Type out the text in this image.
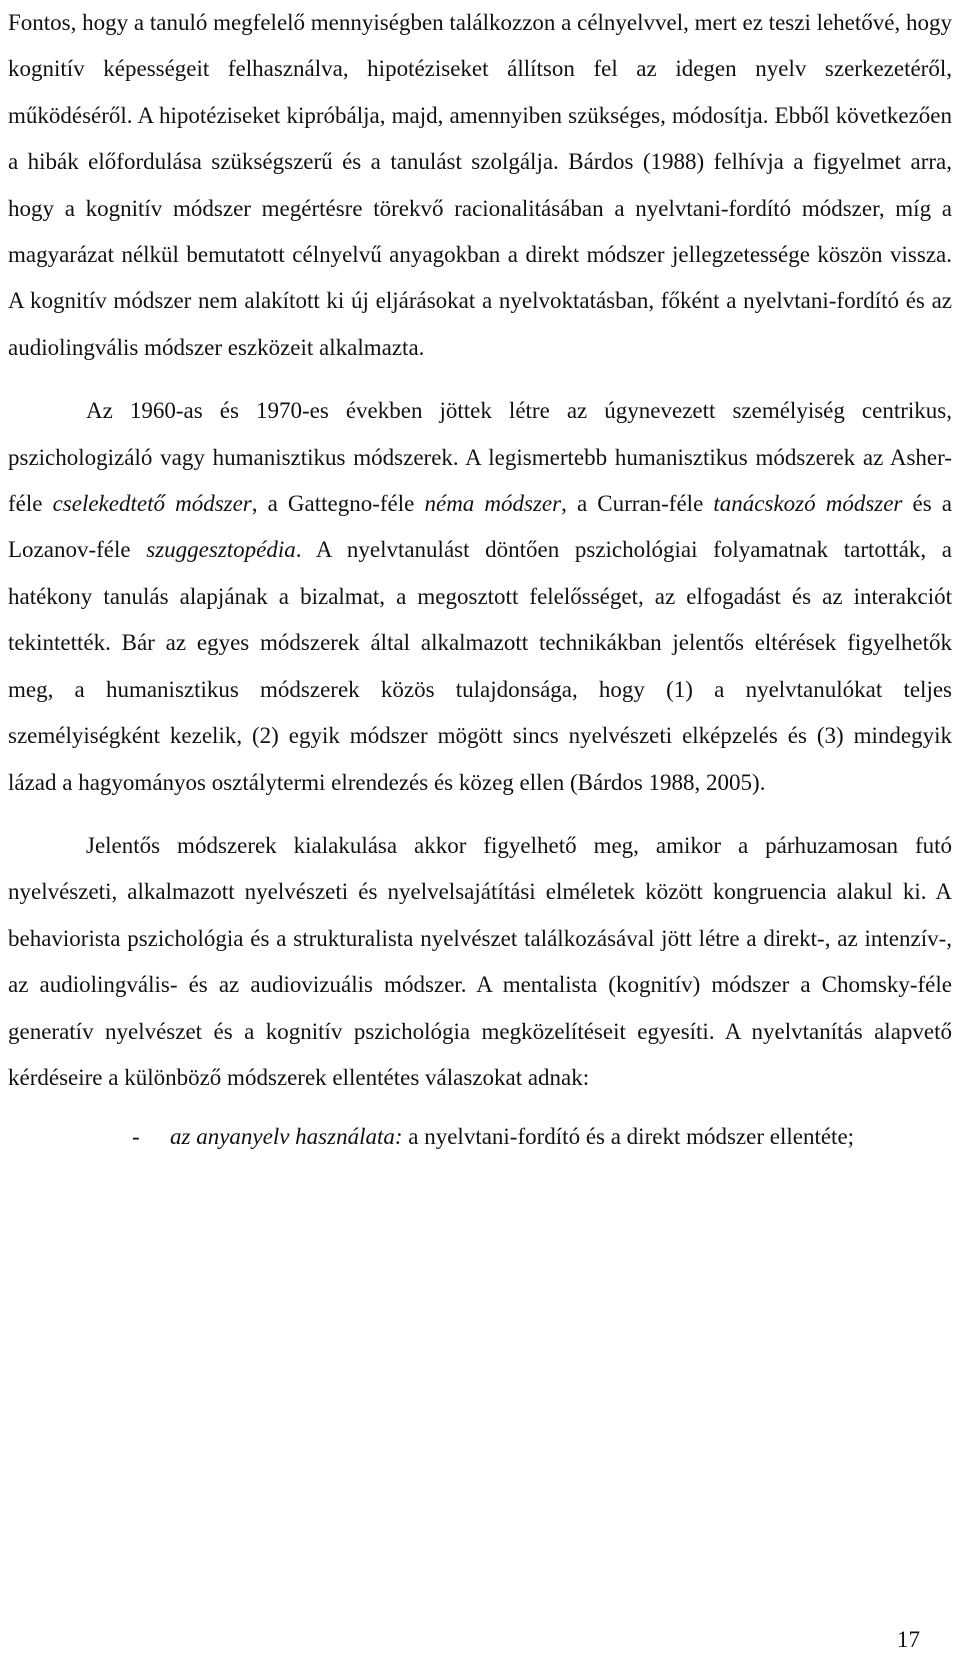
Fontos, hogy a tanuló megfelelő mennyiségben találkozzon a célnyelvvel, mert ez teszi lehetővé, hogy kognitív képességeit felhasználva, hipotéziseket állítson fel az idegen nyelv szerkezetéről, működéséről. A hipotéziseket kipróbálja, majd, amennyiben szükséges, módosítja. Ebből következően a hibák előfordulása szükségszerű és a tanulást szolgálja. Bárdos (1988) felhívja a figyelmet arra, hogy a kognitív módszer megértésre törekvő racionalitásában a nyelvtani-fordító módszer, míg a magyarázat nélkül bemutatott célnyelvű anyagokban a direkt módszer jellegzetessége köszön vissza. A kognitív módszer nem alakított ki új eljárásokat a nyelvoktatásban, főként a nyelvtani-fordító és az audiolingvális módszer eszközeit alkalmazta.

Az 1960-as és 1970-es években jöttek létre az úgynevezett személyiség centrikus, pszichologizáló vagy humanisztikus módszerek. A legismertebb humanisztikus módszerek az Asher-féle cselekedtető módszer, a Gattegno-féle néma módszer, a Curran-féle tanácskozó módszer és a Lozanov-féle szuggesztopédia. A nyelvtanulást döntően pszichológiai folyamatnak tartották, a hatékony tanulás alapjának a bizalmat, a megosztott felelősséget, az elfogadást és az interakciót tekintették. Bár az egyes módszerek által alkalmazott technikákban jelentős eltérések figyelhetők meg, a humanisztikus módszerek közös tulajdonsága, hogy (1) a nyelvtanulókat teljes személyiségként kezelik, (2) egyik módszer mögött sincs nyelvészeti elképzelés és (3) mindegyik lázad a hagyományos osztálytermi elrendezés és közeg ellen (Bárdos 1988, 2005).

Jelentős módszerek kialakulása akkor figyelhető meg, amikor a párhuzamosan futó nyelvészeti, alkalmazott nyelvészeti és nyelvelsajátítási elméletek között kongruencia alakul ki. A behaviorista pszichológia és a strukturalista nyelvészet találkozásával jött létre a direkt-, az intenzív-, az audiolingvális- és az audiovizuális módszer. A mentalista (kognitív) módszer a Chomsky-féle generatív nyelvészet és a kognitív pszichológia megközelítéseit egyesíti. A nyelvtanítás alapvető kérdéseire a különböző módszerek ellentétes válaszokat adnak:

- az anyanyelv használata: a nyelvtani-fordító és a direkt módszer ellentéte;

17
